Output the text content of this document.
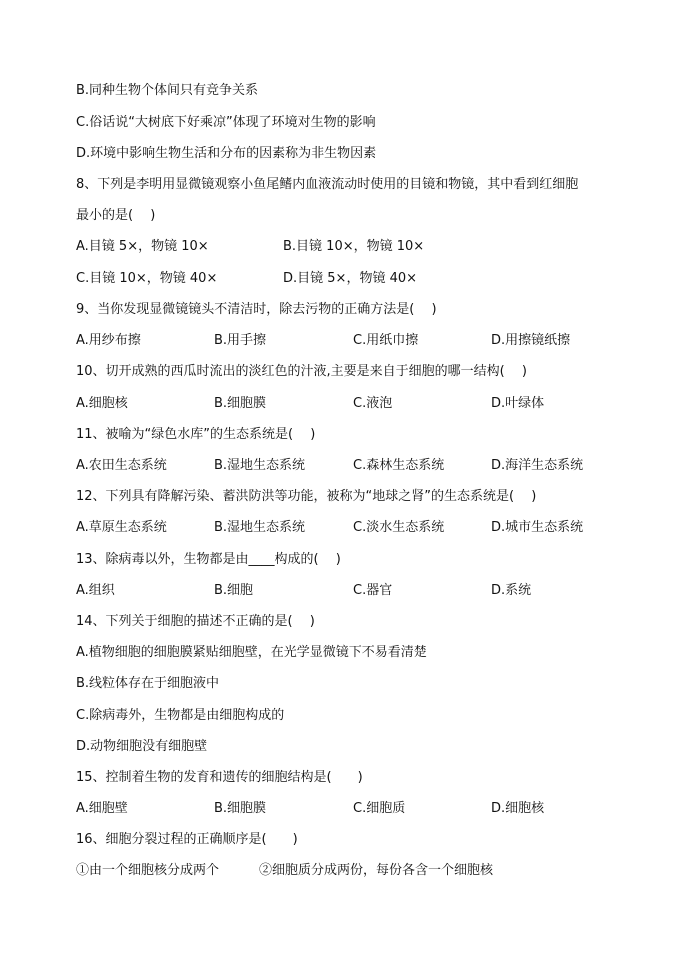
B.同种生物个体间只有竞争关系
C.俗话说“大树底下好乘凉”体现了环境对生物的影响
D.环境中影响生物生活和分布的因素称为非生物因素
8、下列是李明用显微镜观察小鱼尾鳍内血液流动时使用的目镜和物镜，其中看到红细胞
最小的是(　 )
A.目镜 5×，物镜 10×	B.目镜 10×，物镜 10×
C.目镜 10×，物镜 40×	D.目镜 5×，物镜 40×
9、当你发现显微镜镜头不清洁时，除去污物的正确方法是(　 )
A.用纱布擦	B.用手擦	C.用纸巾擦	D.用擦镜纸擦
10、切开成熟的西瓜时流出的淡红色的汁液,主要是来自于细胞的哪一结构(　 )
A.细胞核	B.细胞膜	C.液泡	D.叶绿体
11、被喻为“绿色水库”的生态系统是(　 )
A.农田生态系统	B.湿地生态系统	C.森林生态系统	D.海洋生态系统
12、下列具有降解污染、蓄洪防洪等功能，被称为“地球之肾”的生态系统是(　 )
A.草原生态系统	B.湿地生态系统	C.淡水生态系统	D.城市生态系统
13、除病毒以外，生物都是由____构成的(　 )
A.组织	B.细胞	C.器官	D.系统
14、下列关于细胞的描述不正确的是(　 )
A.植物细胞的细胞膜紧贴细胞壁，在光学显微镜下不易看清楚
B.线粒体存在于细胞液中
C.除病毒外，生物都是由细胞构成的
D.动物细胞没有细胞壁
15、控制着生物的发育和遗传的细胞结构是(　　)
A.细胞壁	B.细胞膜	C.细胞质	D.细胞核
16、细胞分裂过程的正确顺序是(　　)
①由一个细胞核分成两个	②细胞质分成两份，每份各含一个细胞核
